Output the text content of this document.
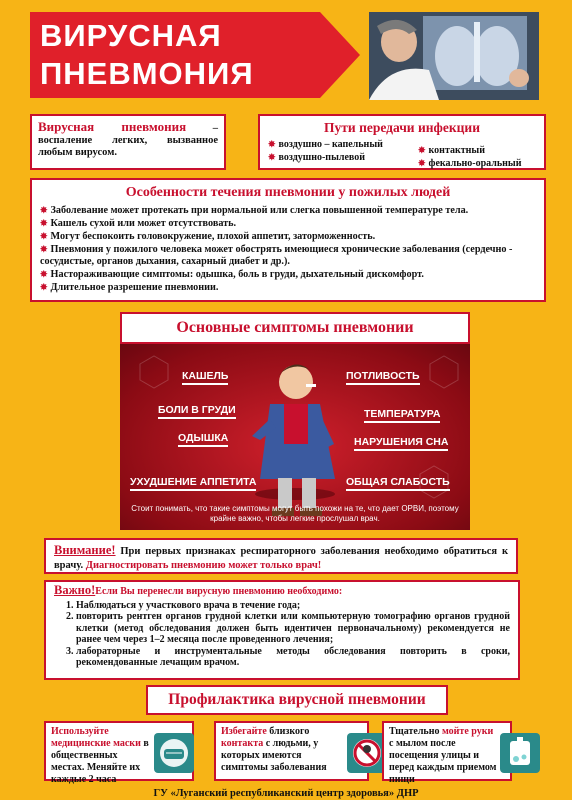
ВИРУСНАЯ
ПНЕВМОНИЯ
Вирусная пневмония – воспаление легких, вызванное любым вирусом.
Пути передачи инфекции
✸ воздушно – капельный
✸ воздушно-пылевой
✸ контактный
✸ фекально-оральный
Особенности течения пневмонии у пожилых людей
✸ Заболевание может протекать при нормальной или слегка повышенной температуре тела.
✸ Кашель сухой или может отсутствовать.
✸ Могут беспокоить головокружение, плохой аппетит, заторможенность.
✸ Пневмония у пожилого человека может обострять имеющиеся хронические заболевания (сердечно - сосудистые, органов дыхания, сахарный диабет и др.).
✸ Настораживающие симптомы: одышка, боль в груди, дыхательный дискомфорт.
✸ Длительное разрешение пневмонии.
Основные симптомы пневмонии
КАШЕЛЬ
БОЛИ В ГРУДИ
ОДЫШКА
УХУДШЕНИЕ АППЕТИТА
ПОТЛИВОСТЬ
ТЕМПЕРАТУРА
НАРУШЕНИЯ СНА
ОБЩАЯ СЛАБОСТЬ
Стоит понимать, что такие симптомы могут быть похожи на те, что дает ОРВИ, поэтому крайне важно, чтобы легкие прослушал врач.
Внимание! При первых признаках респираторного заболевания необходимо обратиться к врачу. Диагностировать пневмонию может только врач!
Важно!Если Вы перенесли вирусную пневмонию необходимо:
1. Наблюдаться у участкового врача в течение года;
2. повторить рентген органов грудной клетки или компьютерную томографию органов грудной клетки (метод обследования должен быть идентичен первоначальному) рекомендуется не ранее чем через 1–2 месяца после проведенного лечения;
3. лабораторные и инструментальные методы обследования повторить в сроки, рекомендованные лечащим врачом.
Профилактика вирусной пневмонии
Используйте медицинские маски в общественных местах. Меняйте их каждые 2 часа
Избегайте близкого контакта с людьми, у которых имеются симптомы заболевания
Тщательно мойте руки с мылом после посещения улицы и перед каждым приемом пищи
ГУ «Луганский республиканский центр здоровья» ДНР
